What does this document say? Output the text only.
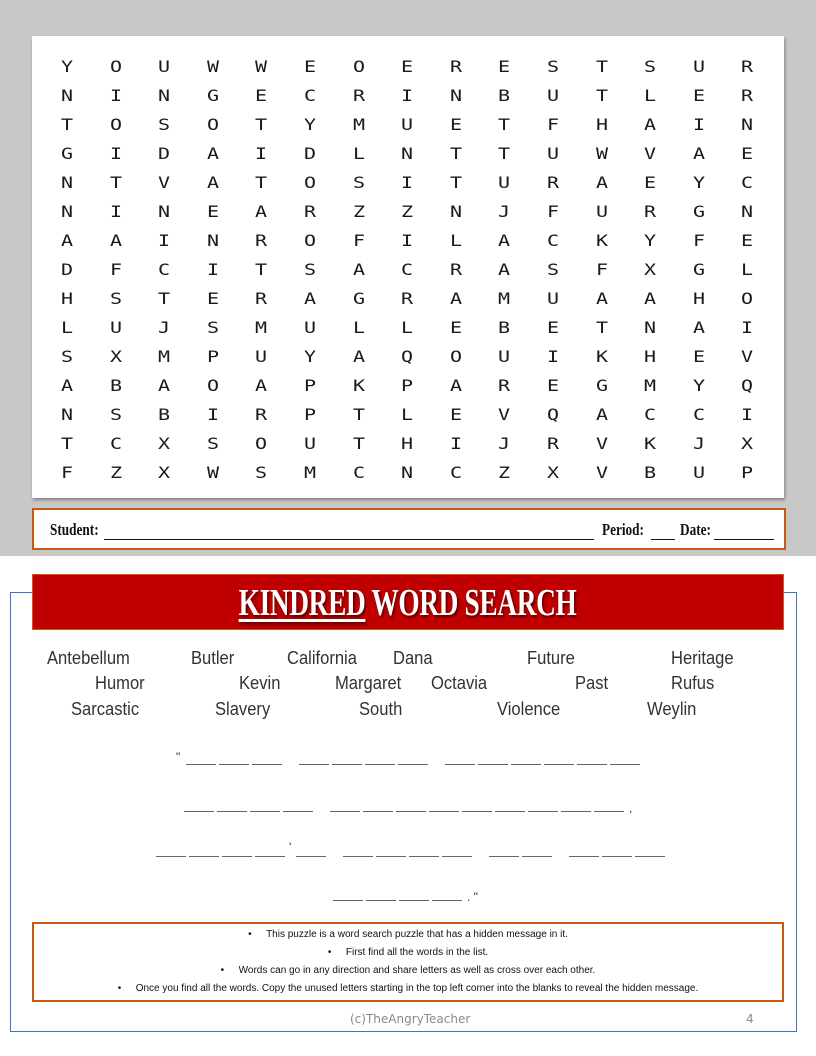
Y	O	U	W	W	E	O	E	R	E	S	T	S	U	R
N	I	N	G	E	C	R	I	N	B	U	T	L	E	R
T	O	S	O	T	Y	M	U	E	T	F	H	A	I	N
G	I	D	A	I	D	L	N	T	T	U	W	V	A	E
N	T	V	A	T	O	S	I	T	U	R	A	E	Y	C
N	I	N	E	A	R	Z	Z	N	J	F	U	R	G	N
A	A	I	N	R	O	F	I	L	A	C	K	Y	F	E
D	F	C	I	T	S	A	C	R	A	S	F	X	G	L
H	S	T	E	R	A	G	R	A	M	U	A	A	H	O
L	U	J	S	M	U	L	L	E	B	E	T	N	A	I
S	X	M	P	U	Y	A	Q	O	U	I	K	H	E	V
A	B	A	O	A	P	K	P	A	R	E	G	M	Y	Q
N	S	B	I	R	P	T	L	E	V	Q	A	C	C	I
T	C	X	S	O	U	T	H	I	J	R	V	K	J	X
F	Z	X	W	S	M	C	N	C	Z	X	V	B	U	P
Student:	Period: Date:
KINDRED WORD SEARCH
Antebellum	Butler	California Dana	Future	Heritage
Humor	Kevin	Margaret Octavia	Past	Rufus
Sarcastic	Slavery	South	Violence	Weylin
"
,
'
. "
• This puzzle is a word search puzzle that has a hidden message in it.
• First find all the words in the list.
• Words can go in any direction and share letters as well as cross over each other.
• Once you find all the words. Copy the unused letters starting in the top left corner into the blanks to reveal the hidden message.
(c)TheAngryTeacher	4
